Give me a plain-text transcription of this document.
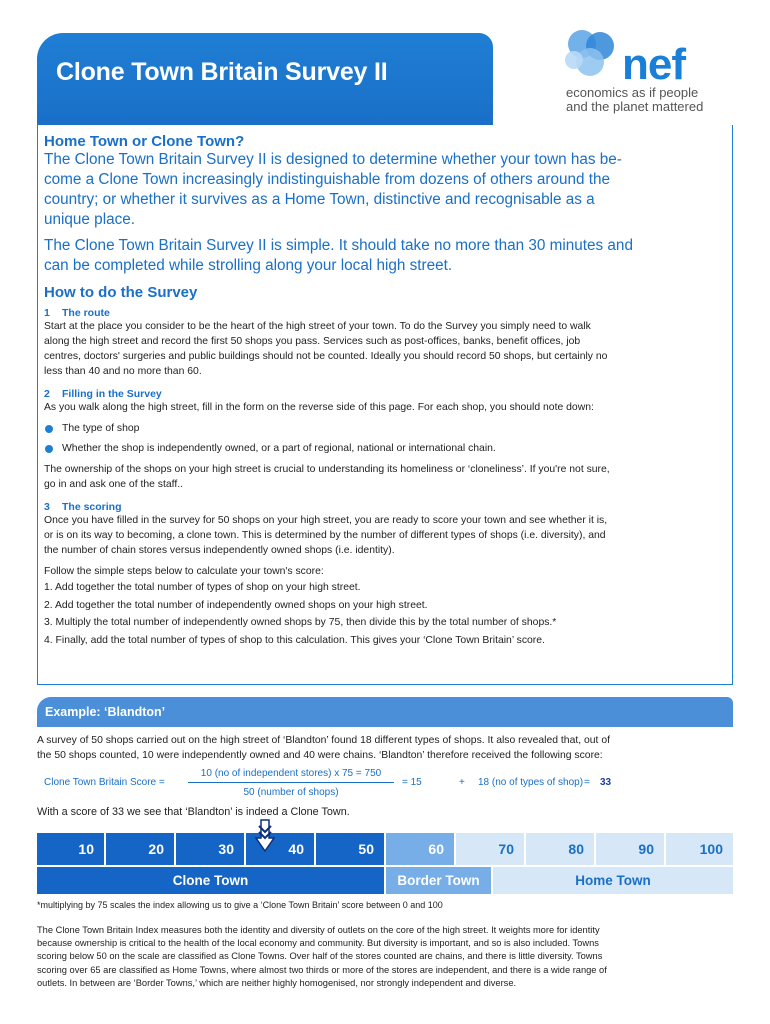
Clone Town Britain Survey II	nef
economics as if people
and the planet mattered
Home Town or Clone Town?
The Clone Town Britain Survey II is designed to determine whether your town has be-
come a Clone Town increasingly indistinguishable from dozens of others around the
country; or whether it survives as a Home Town, distinctive and recognisable as a
unique place.
The Clone Town Britain Survey II is simple. It should take no more than 30 minutes and
can be completed while strolling along your local high street.
How to do the Survey
1 The route
Start at the place you consider to be the heart of the high street of your town. To do the Survey you simply need to walk
along the high street and record the first 50 shops you pass. Services such as post-offices, banks, benefit offices, job
centres, doctors' surgeries and public buildings should not be counted. Ideally you should record 50 shops, but certainly no
less than 40 and no more than 60.
2 Filling in the Survey
As you walk along the high street, fill in the form on the reverse side of this page. For each shop, you should note down:
The type of shop
Whether the shop is independently owned, or a part of regional, national or international chain.
The ownership of the shops on your high street is crucial to understanding its homeliness or ‘cloneliness’. If you're not sure,
go in and ask one of the staff..
3 The scoring
Once you have filled in the survey for 50 shops on your high street, you are ready to score your town and see whether it is,
or is on its way to becoming, a clone town. This is determined by the number of different types of shops (i.e. diversity), and
the number of chain stores versus independently owned shops (i.e. identity).
Follow the simple steps below to calculate your town's score:
1. Add together the total number of types of shop on your high street.
2. Add together the total number of independently owned shops on your high street.
3. Multiply the total number of independently owned shops by 75, then divide this by the total number of shops.*
4. Finally, add the total number of types of shop to this calculation. This gives your ‘Clone Town Britain’ score.
Example: ‘Blandton’
A survey of 50 shops carried out on the high street of ‘Blandton’ found 18 different types of shops. It also revealed that, out of
the 50 shops counted, 10 were independently owned and 40 were chains. ‘Blandton’ therefore received the following score:
Clone Town Britain Score =
10 (no of independent stores) x 75 = 750
50 (number of shops)
= 15	+ 18 (no of types of shop) = 33
With a score of 33 we see that ‘Blandton’ is indeed a Clone Town.
10	20	30	40	50	60	70	80	90	100
Clone Town	Border Town	Home Town
*multiplying by 75 scales the index allowing us to give a ‘Clone Town Britain’ score between 0 and 100
The Clone Town Britain Index measures both the identity and diversity of outlets on the core of the high street. It weights more for identity
because ownership is critical to the health of the local economy and community. But diversity is important, and so is also included. Towns
scoring below 50 on the scale are classified as Clone Towns. Over half of the stores counted are chains, and there is little diversity. Towns
scoring over 65 are classified as Home Towns, where almost two thirds or more of the stores are independent, and there is a wide range of
outlets. In between are ‘Border Towns,’ which are neither highly homogenised, nor strongly independent and diverse.
